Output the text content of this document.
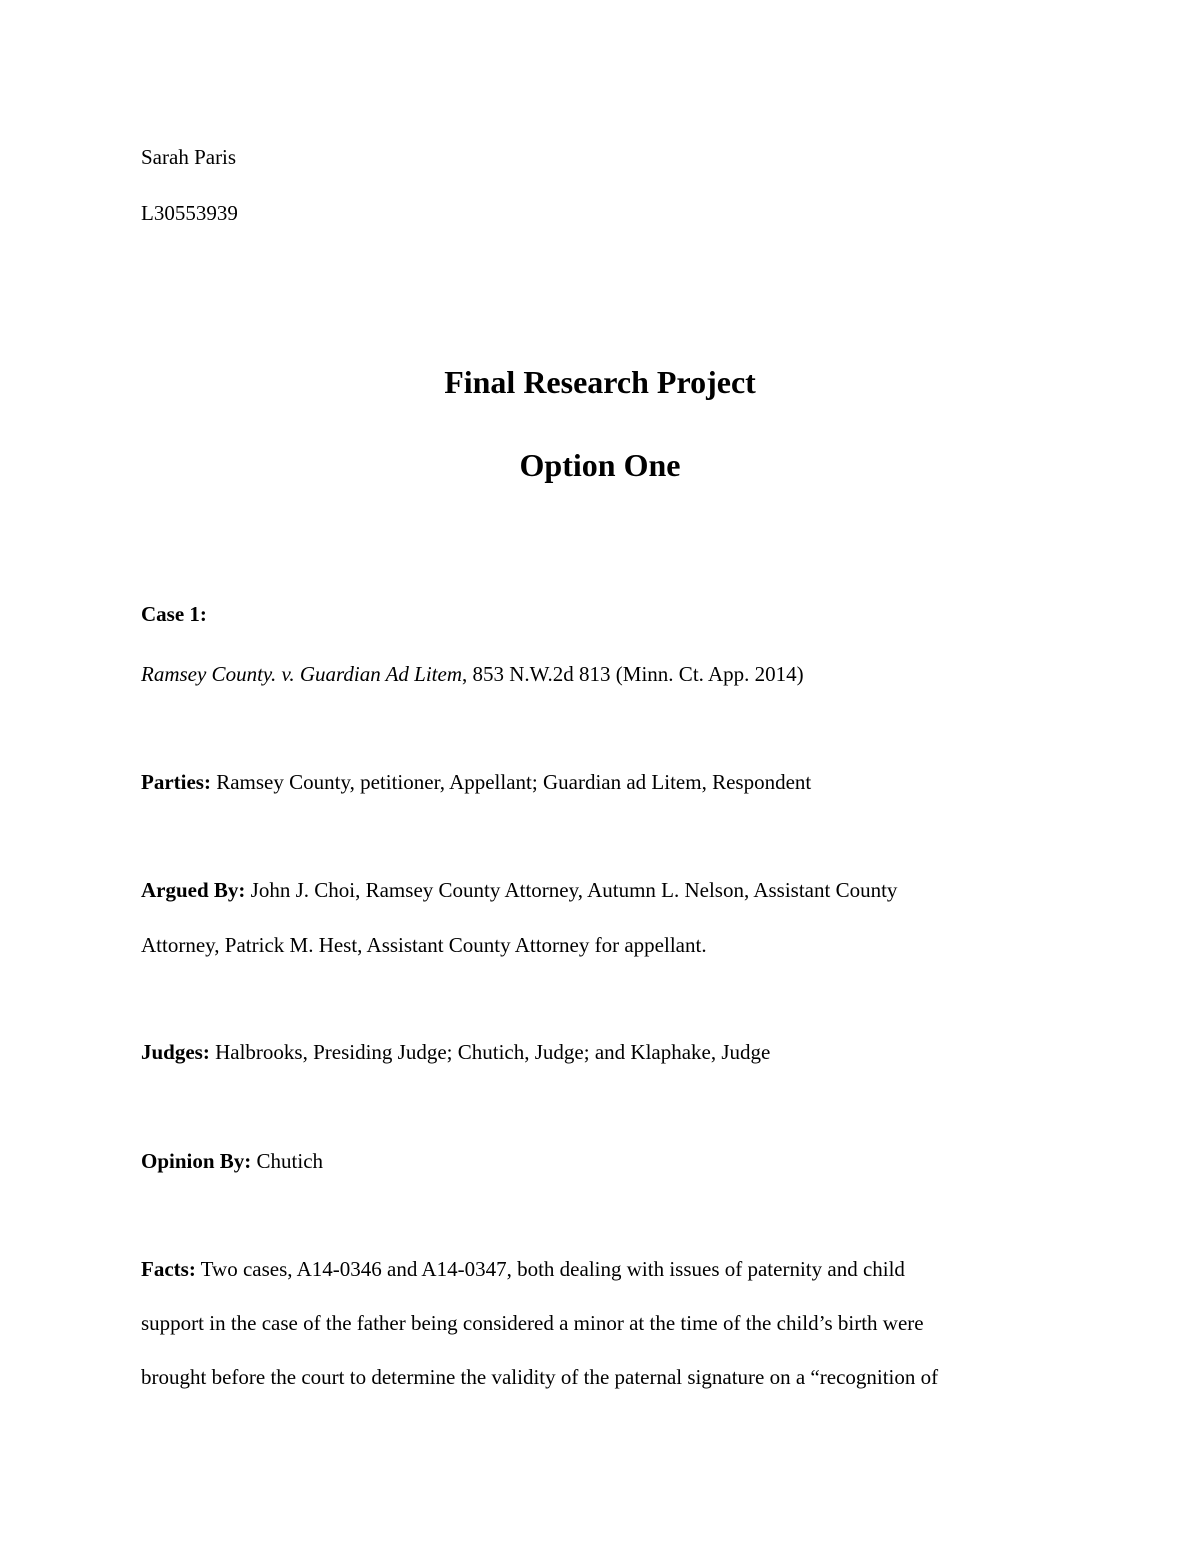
Sarah Paris
L30553939
Final Research Project
Option One
Case 1:
Ramsey County. v. Guardian Ad Litem, 853 N.W.2d 813 (Minn. Ct. App. 2014)
Parties: Ramsey County, petitioner, Appellant; Guardian ad Litem, Respondent
Argued By: John J. Choi, Ramsey County Attorney, Autumn L. Nelson, Assistant County
Attorney, Patrick M. Hest, Assistant County Attorney for appellant.
Judges: Halbrooks, Presiding Judge; Chutich, Judge; and Klaphake, Judge
Opinion By: Chutich
Facts: Two cases, A14-0346 and A14-0347, both dealing with issues of paternity and child
support in the case of the father being considered a minor at the time of the child’s birth were
brought before the court to determine the validity of the paternal signature on a “recognition of
